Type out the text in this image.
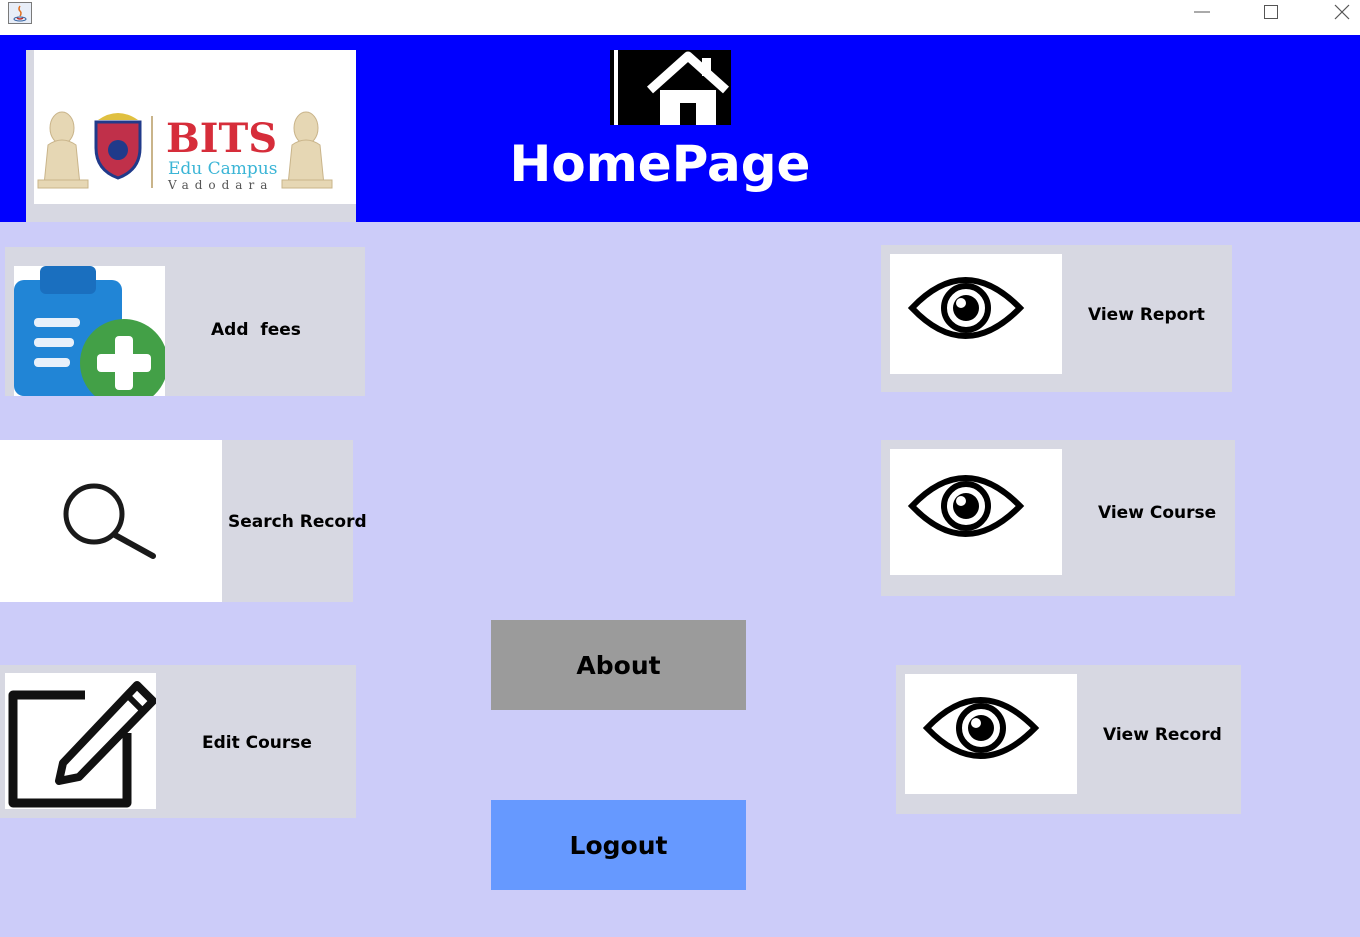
BITS
Edu Campus
Vadodara	HomePage
Add  fees
Search Record
Edit Course
View Report
View Course
View Record
About
Logout
